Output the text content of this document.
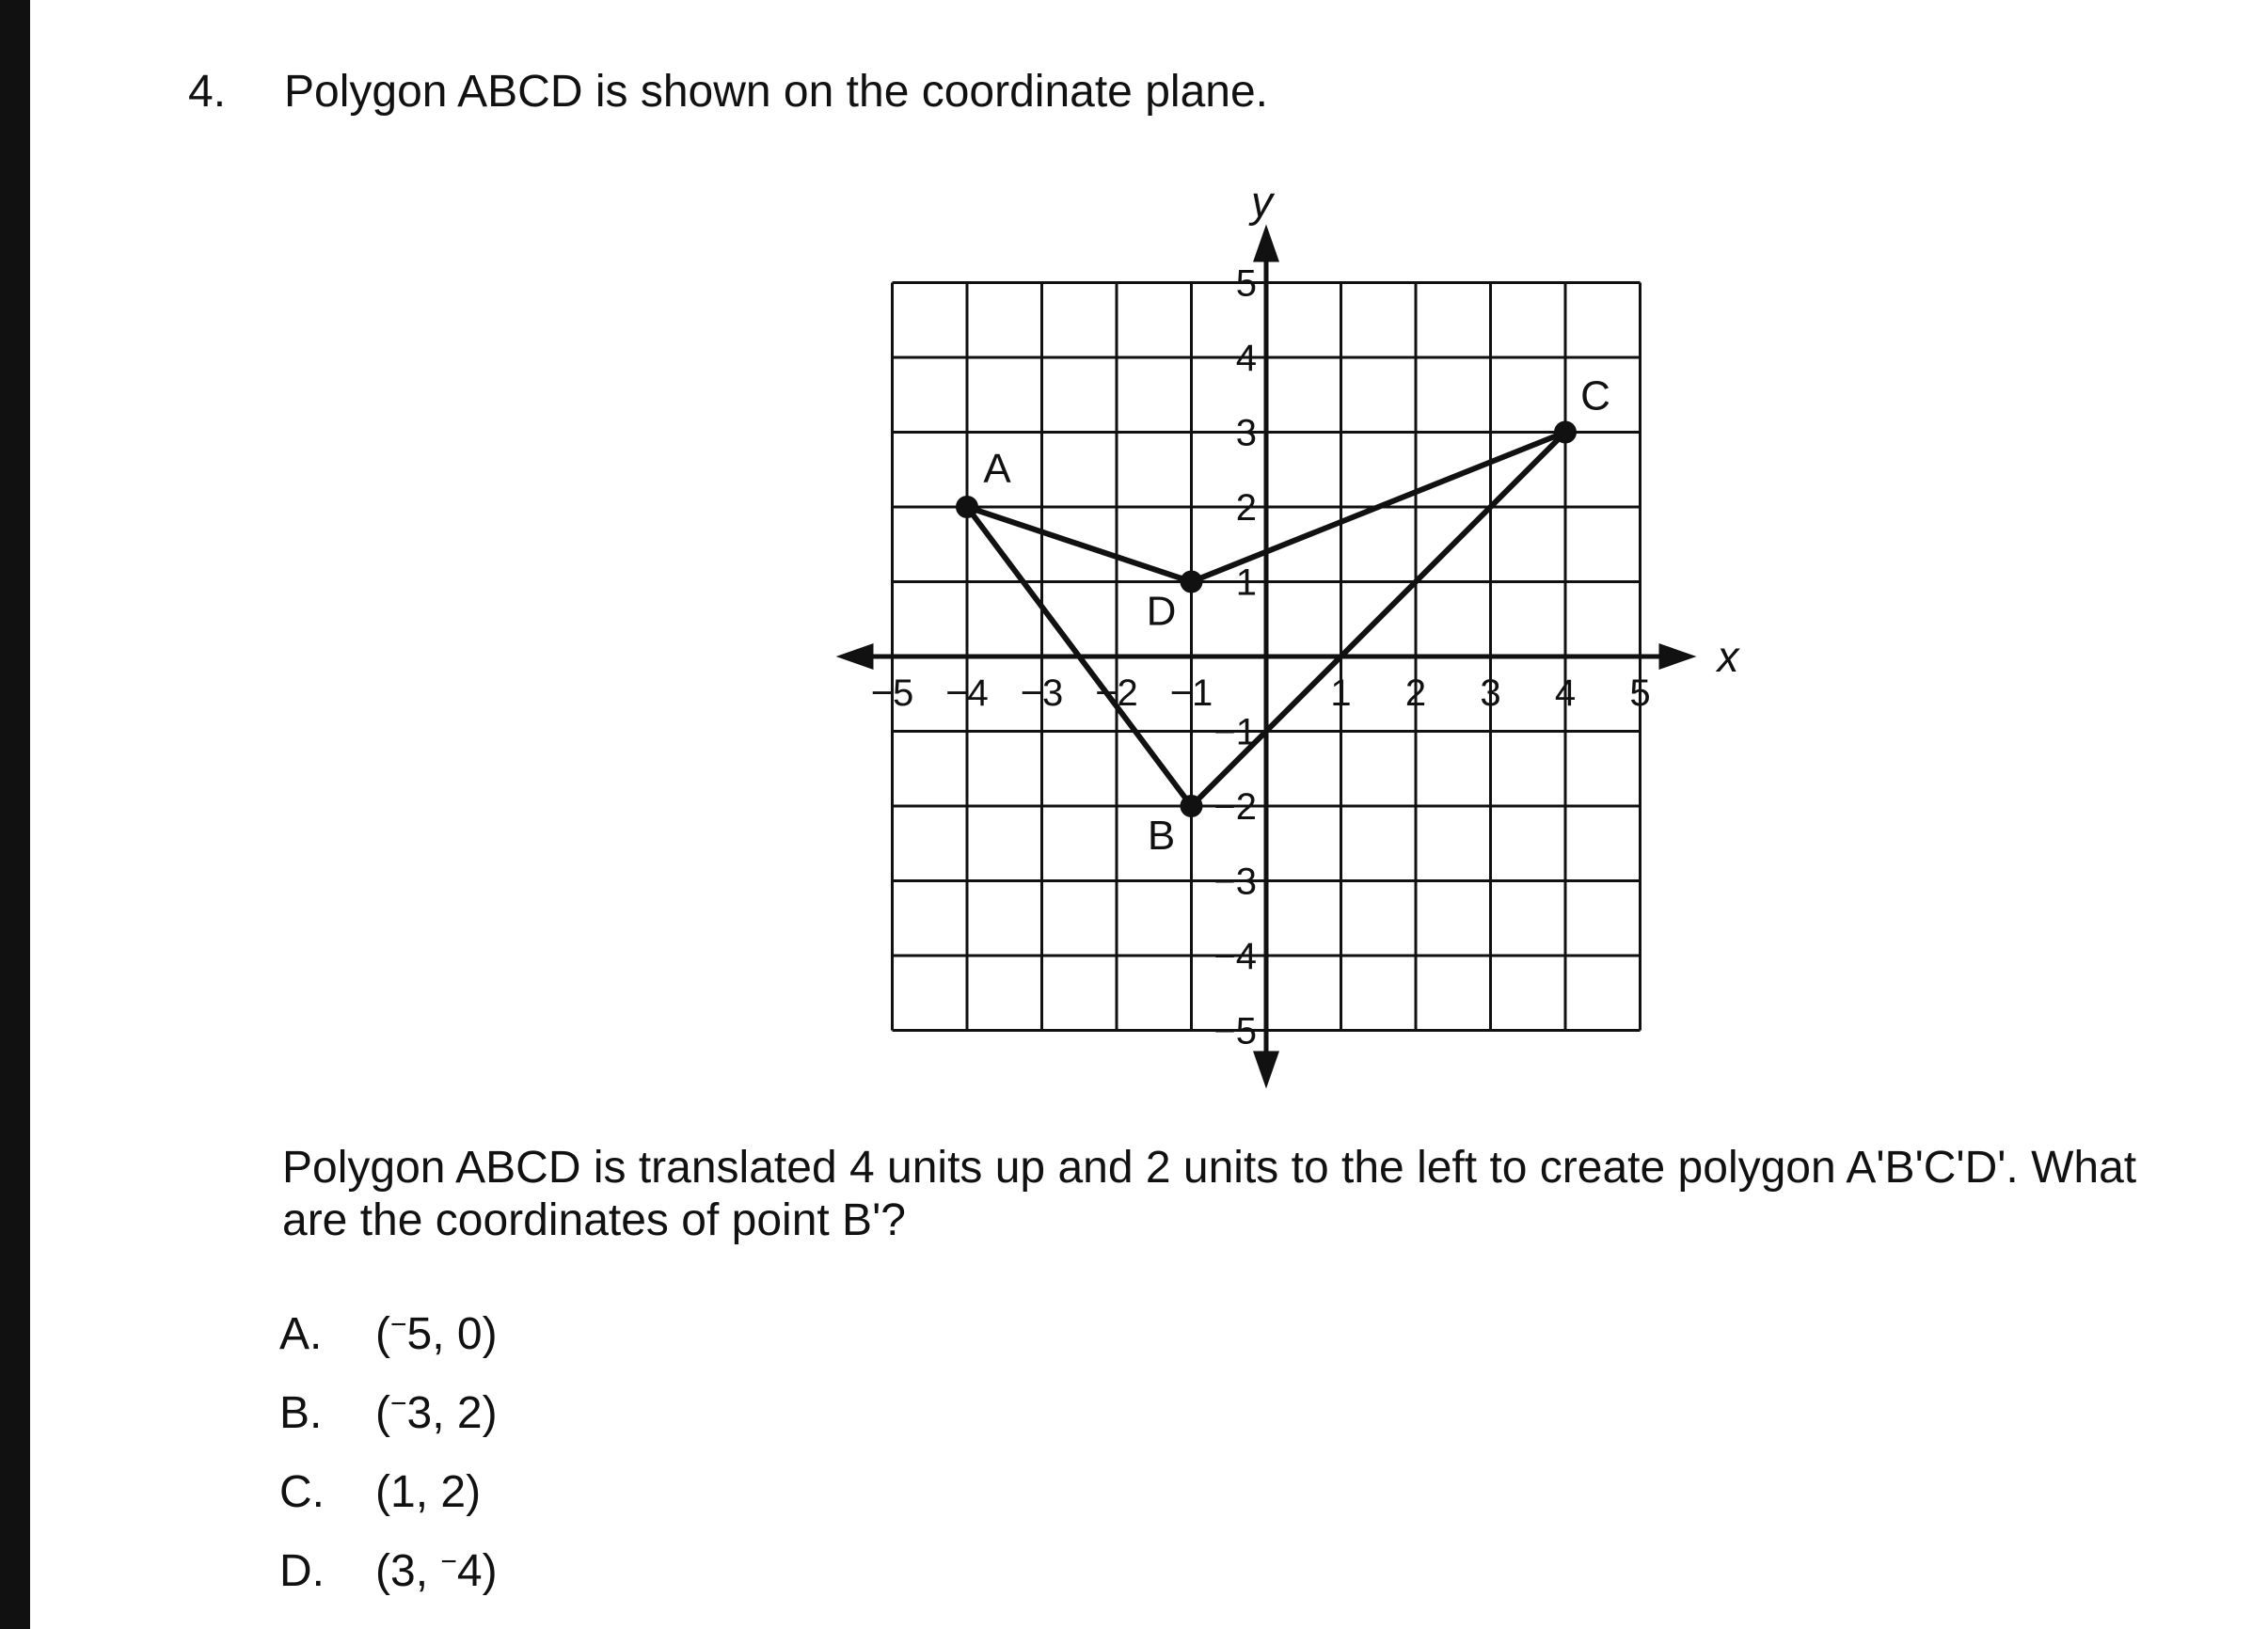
4. Polygon ABCD is shown on the coordinate plane.
x
y
−5 −4 −3 −2 −1	1 2 3 4 5
5
4
3
2
1
−1
−2
−3
−4
−5
A
B
C
D
Polygon ABCD is translated 4 units up and 2 units to the left to create polygon A'B'C'D'. What
are the coordinates of point B'?
A.	(−5, 0)
B.	(−3, 2)
C.	(1, 2)
D.	(3, −4)
